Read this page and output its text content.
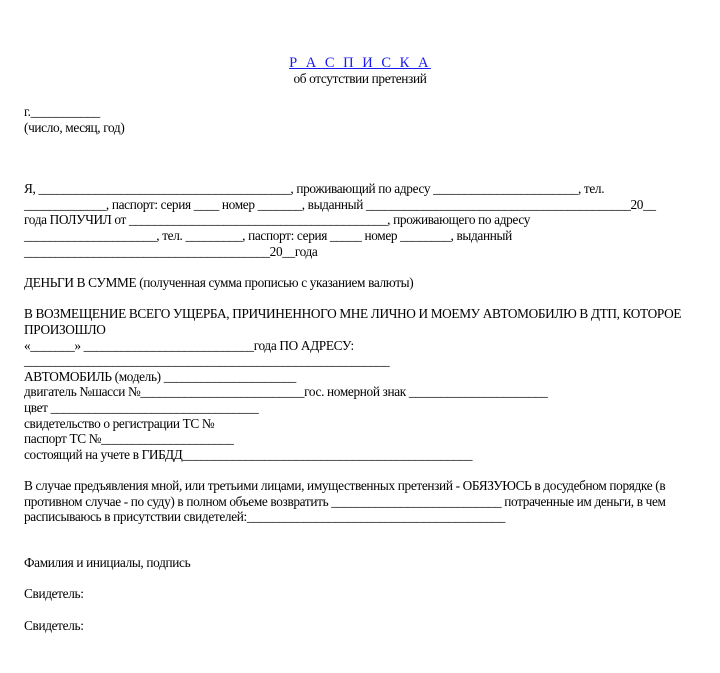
Р А С П И С К А
об отсутствии претензий
г.___________
(число, месяц, год)
Я, ________________________________________, проживающий по адресу _______________________, тел.
_____________, паспорт: серия ____ номер _______, выданный __________________________________________20__
года ПОЛУЧИЛ от _________________________________________, проживающего по адресу
_____________________, тел. _________, паспорт: серия _____ номер ________, выданный
_______________________________________20__года
ДЕНЬГИ В СУММЕ (полученная сумма прописью с указанием валюты)
В ВОЗМЕЩЕНИЕ ВСЕГО УЩЕРБА, ПРИЧИНЕННОГО МНЕ ЛИЧНО И МОЕМУ АВТОМОБИЛЮ В ДТП, КОТОРОЕ ПРОИЗОШЛО
«_______» ___________________________года ПО АДРЕСУ:
__________________________________________________________
АВТОМОБИЛЬ (модель) _____________________
двигатель №шасси №__________________________гос. номерной знак ______________________
цвет _________________________________
свидетельство о регистрации ТС №
паспорт ТС №_____________________
состоящий на учете в ГИБДД______________________________________________
В случае предъявления мной, или третьими лицами, имущественных претензий - ОБЯЗУЮСЬ в досудебном порядке (в противном случае - по суду) в полном объеме возвратить ___________________________ потраченные им деньги, в чем расписываюсь в присутствии свидетелей:_________________________________________
Фамилия и инициалы, подпись
Свидетель:
Свидетель:
